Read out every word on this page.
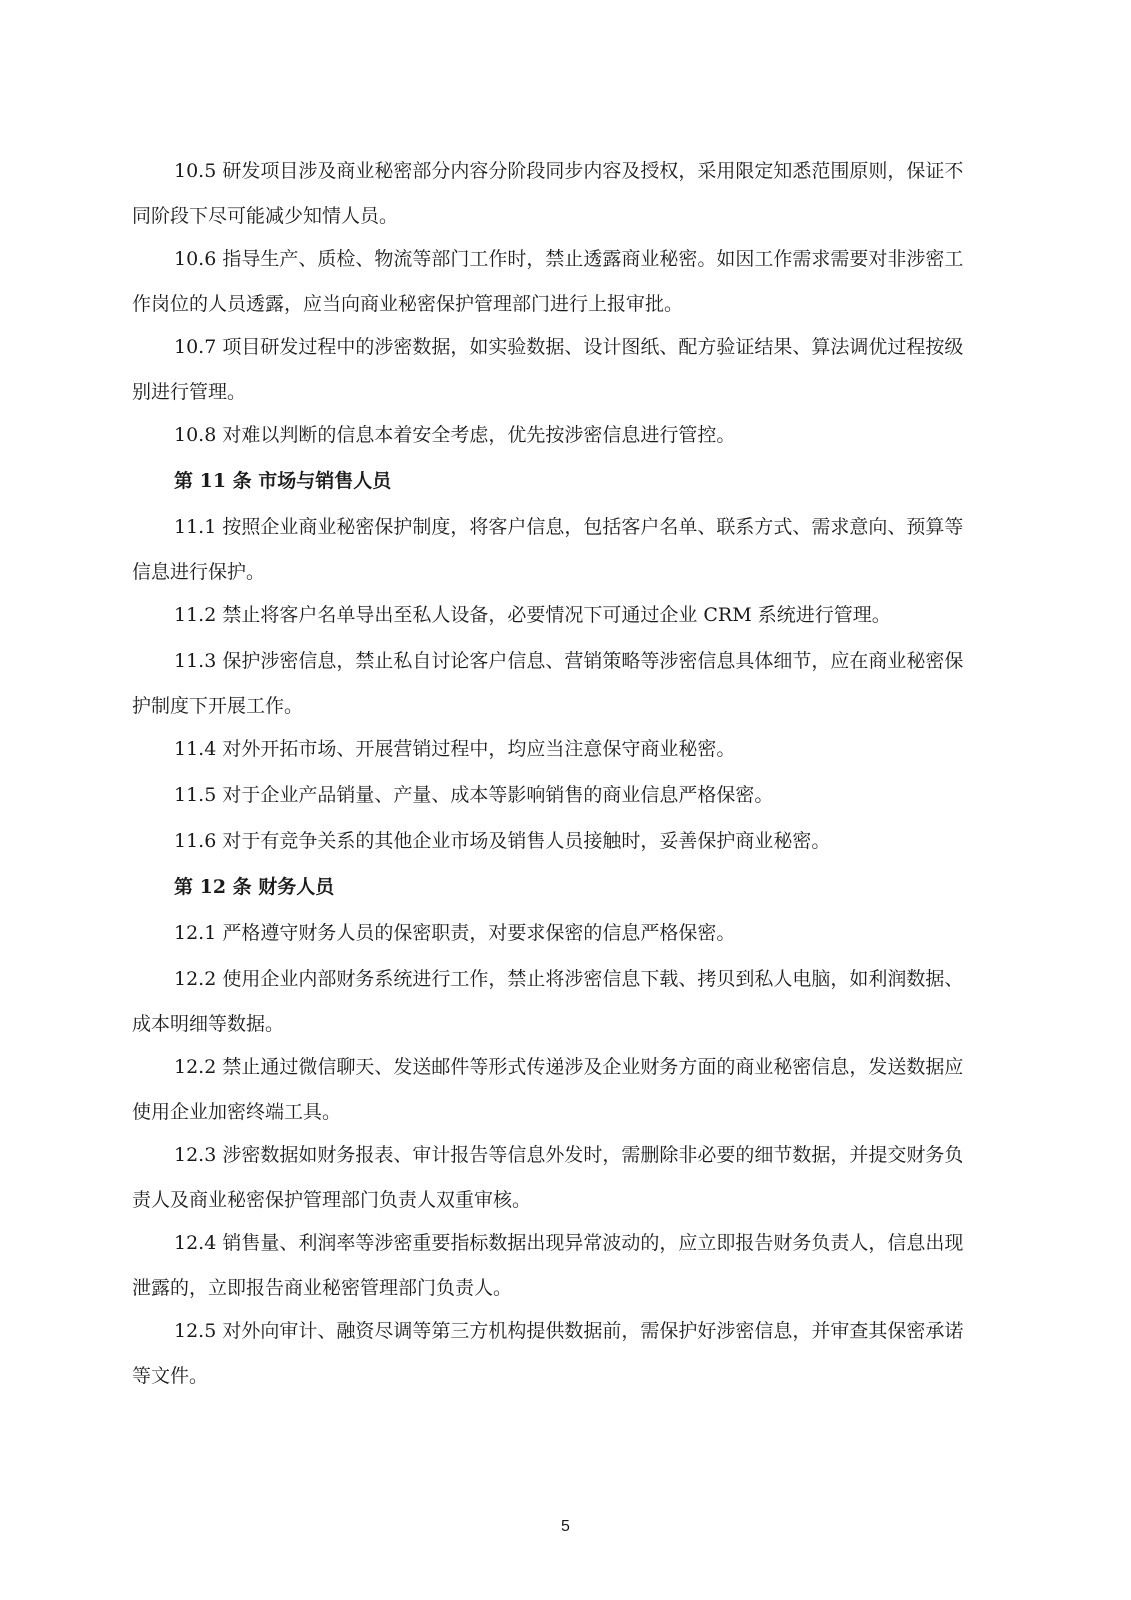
10.5 研发项目涉及商业秘密部分内容分阶段同步内容及授权，采用限定知悉范围原则，保证不
同阶段下尽可能减少知情人员。
10.6 指导生产、质检、物流等部门工作时，禁止透露商业秘密。如因工作需求需要对非涉密工
作岗位的人员透露，应当向商业秘密保护管理部门进行上报审批。
10.7 项目研发过程中的涉密数据，如实验数据、设计图纸、配方验证结果、算法调优过程按级
别进行管理。
10.8 对难以判断的信息本着安全考虑，优先按涉密信息进行管控。
第 11 条 市场与销售人员
11.1 按照企业商业秘密保护制度，将客户信息，包括客户名单、联系方式、需求意向、预算等
信息进行保护。
11.2 禁止将客户名单导出至私人设备，必要情况下可通过企业 CRM 系统进行管理。
11.3 保护涉密信息，禁止私自讨论客户信息、营销策略等涉密信息具体细节，应在商业秘密保
护制度下开展工作。
11.4 对外开拓市场、开展营销过程中，均应当注意保守商业秘密。
11.5 对于企业产品销量、产量、成本等影响销售的商业信息严格保密。
11.6 对于有竞争关系的其他企业市场及销售人员接触时，妥善保护商业秘密。
第 12 条 财务人员
12.1 严格遵守财务人员的保密职责，对要求保密的信息严格保密。
12.2 使用企业内部财务系统进行工作，禁止将涉密信息下载、拷贝到私人电脑，如利润数据、
成本明细等数据。
12.2 禁止通过微信聊天、发送邮件等形式传递涉及企业财务方面的商业秘密信息，发送数据应
使用企业加密终端工具。
12.3 涉密数据如财务报表、审计报告等信息外发时，需删除非必要的细节数据，并提交财务负
责人及商业秘密保护管理部门负责人双重审核。
12.4 销售量、利润率等涉密重要指标数据出现异常波动的，应立即报告财务负责人，信息出现
泄露的，立即报告商业秘密管理部门负责人。
12.5 对外向审计、融资尽调等第三方机构提供数据前，需保护好涉密信息，并审查其保密承诺
等文件。
5
